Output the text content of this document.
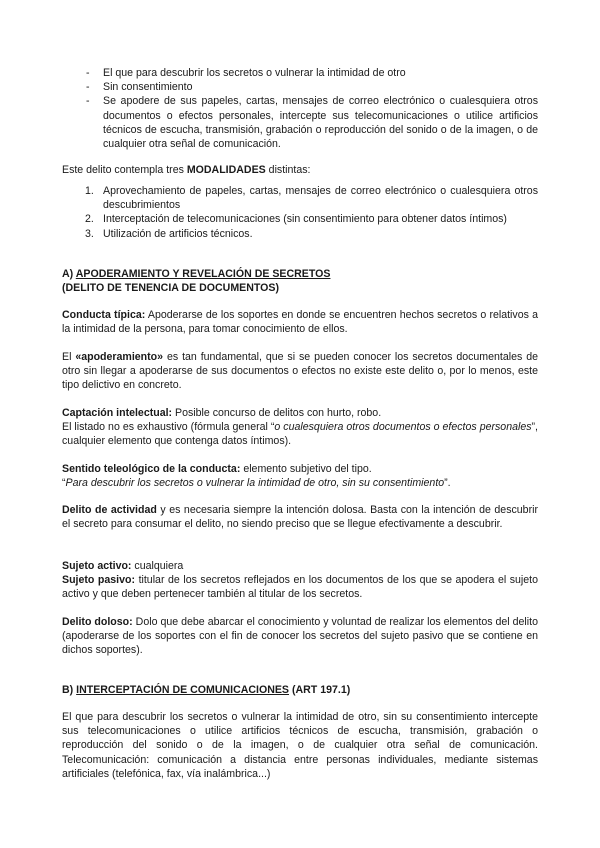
- El que para descubrir los secretos o vulnerar la intimidad de otro
- Sin consentimiento
- Se apodere de sus papeles, cartas, mensajes de correo electrónico o cualesquiera otros documentos o efectos personales, intercepte sus telecomunicaciones o utilice artificios técnicos de escucha, transmisión, grabación o reproducción del sonido o de la imagen, o de cualquier otra señal de comunicación.

Este delito contempla tres MODALIDADES distintas:

1. Aprovechamiento de papeles, cartas, mensajes de correo electrónico o cualesquiera otros descubrimientos
2. Interceptación de telecomunicaciones (sin consentimiento para obtener datos íntimos)
3. Utilización de artificios técnicos.

A) APODERAMIENTO Y REVELACIÓN DE SECRETOS
(DELITO DE TENENCIA DE DOCUMENTOS)

Conducta típica: Apoderarse de los soportes en donde se encuentren hechos secretos o relativos a la intimidad de la persona, para tomar conocimiento de ellos.

El «apoderamiento» es tan fundamental, que si se pueden conocer los secretos documentales de otro sin llegar a apoderarse de sus documentos o efectos no existe este delito o, por lo menos, este tipo delictivo en concreto.

Captación intelectual: Posible concurso de delitos con hurto, robo.
El listado no es exhaustivo (fórmula general “o cualesquiera otros documentos o efectos personales”, cualquier elemento que contenga datos íntimos).

Sentido teleológico de la conducta: elemento subjetivo del tipo.
“Para descubrir los secretos o vulnerar la intimidad de otro, sin su consentimiento”.

Delito de actividad y es necesaria siempre la intención dolosa. Basta con la intención de descubrir el secreto para consumar el delito, no siendo preciso que se llegue efectivamente a descubrir.

Sujeto activo: cualquiera
Sujeto pasivo: titular de los secretos reflejados en los documentos de los que se apodera el sujeto activo y que deben pertenecer también al titular de los secretos.

Delito doloso: Dolo que debe abarcar el conocimiento y voluntad de realizar los elementos del delito (apoderarse de los soportes con el fin de conocer los secretos del sujeto pasivo que se contiene en dichos soportes).

B) INTERCEPTACIÓN DE COMUNICACIONES (ART 197.1)

El que para descubrir los secretos o vulnerar la intimidad de otro, sin su consentimiento intercepte sus telecomunicaciones o utilice artificios técnicos de escucha, transmisión, grabación o reproducción del sonido o de la imagen, o de cualquier otra señal de comunicación. Telecomunicación: comunicación a distancia entre personas individuales, mediante sistemas artificiales (telefónica, fax, vía inalámbrica...)
